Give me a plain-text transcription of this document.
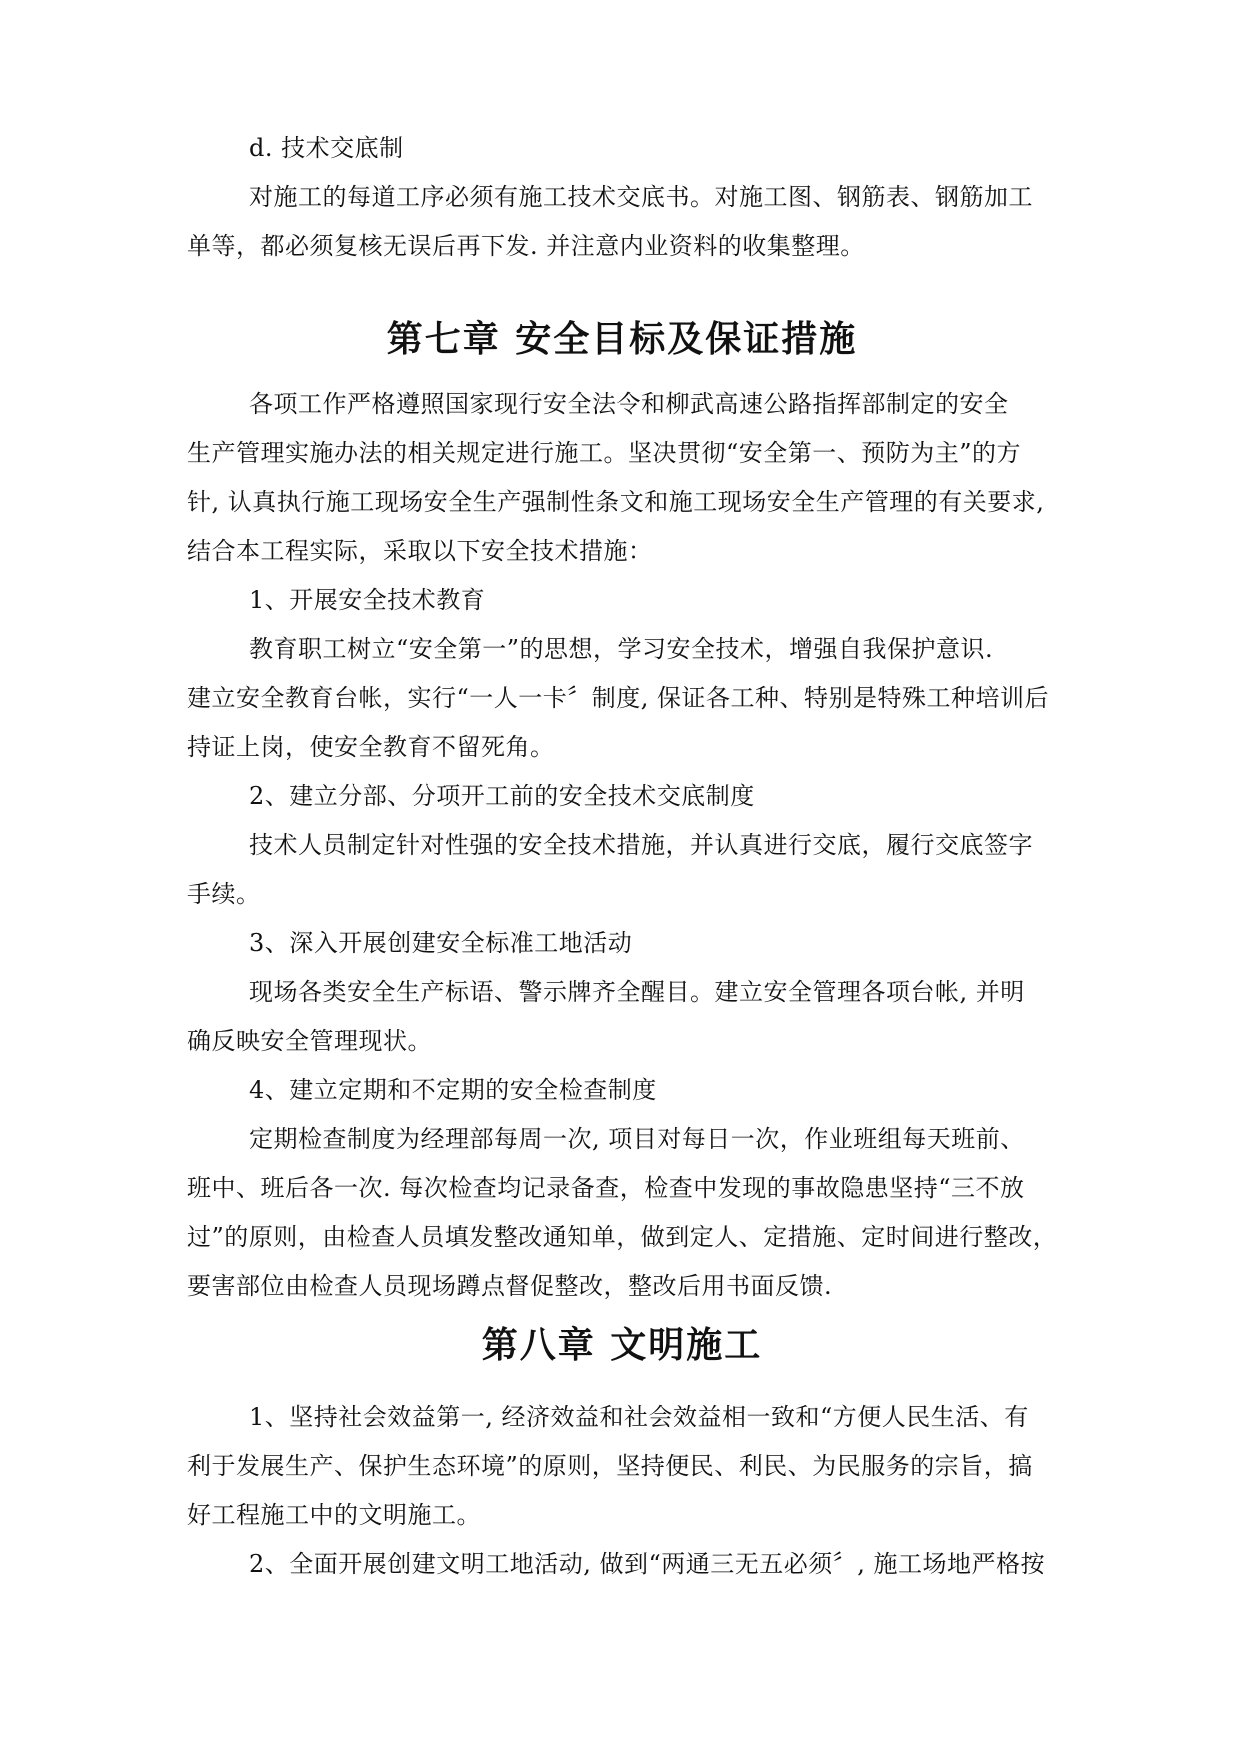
d. 技术交底制
对施工的每道工序必须有施工技术交底书。对施工图、钢筋表、钢筋加工
单等，都必须复核无误后再下发. 并注意内业资料的收集整理。
第七章 安全目标及保证措施
各项工作严格遵照国家现行安全法令和柳武高速公路指挥部制定的安全
生产管理实施办法的相关规定进行施工。坚决贯彻“安全第一、预防为主”的方
针, 认真执行施工现场安全生产强制性条文和施工现场安全生产管理的有关要求,
结合本工程实际，采取以下安全技术措施：
1、开展安全技术教育
教育职工树立“安全第一”的思想，学习安全技术，增强自我保护意识.
建立安全教育台帐，实行“一人一卡〞制度, 保证各工种、特别是特殊工种培训后
持证上岗，使安全教育不留死角。
2、建立分部、分项开工前的安全技术交底制度
技术人员制定针对性强的安全技术措施，并认真进行交底，履行交底签字
手续。
3、深入开展创建安全标准工地活动
现场各类安全生产标语、警示牌齐全醒目。建立安全管理各项台帐, 并明
确反映安全管理现状。
4、建立定期和不定期的安全检查制度
定期检查制度为经理部每周一次, 项目对每日一次，作业班组每天班前、
班中、班后各一次. 每次检查均记录备查，检查中发现的事故隐患坚持“三不放
过”的原则，由检查人员填发整改通知单，做到定人、定措施、定时间进行整改，
要害部位由检查人员现场蹲点督促整改，整改后用书面反馈.
第八章 文明施工
1、坚持社会效益第一, 经济效益和社会效益相一致和“方便人民生活、有
利于发展生产、保护生态环境”的原则，坚持便民、利民、为民服务的宗旨，搞
好工程施工中的文明施工。
2、全面开展创建文明工地活动, 做到“两通三无五必须〞, 施工场地严格按
